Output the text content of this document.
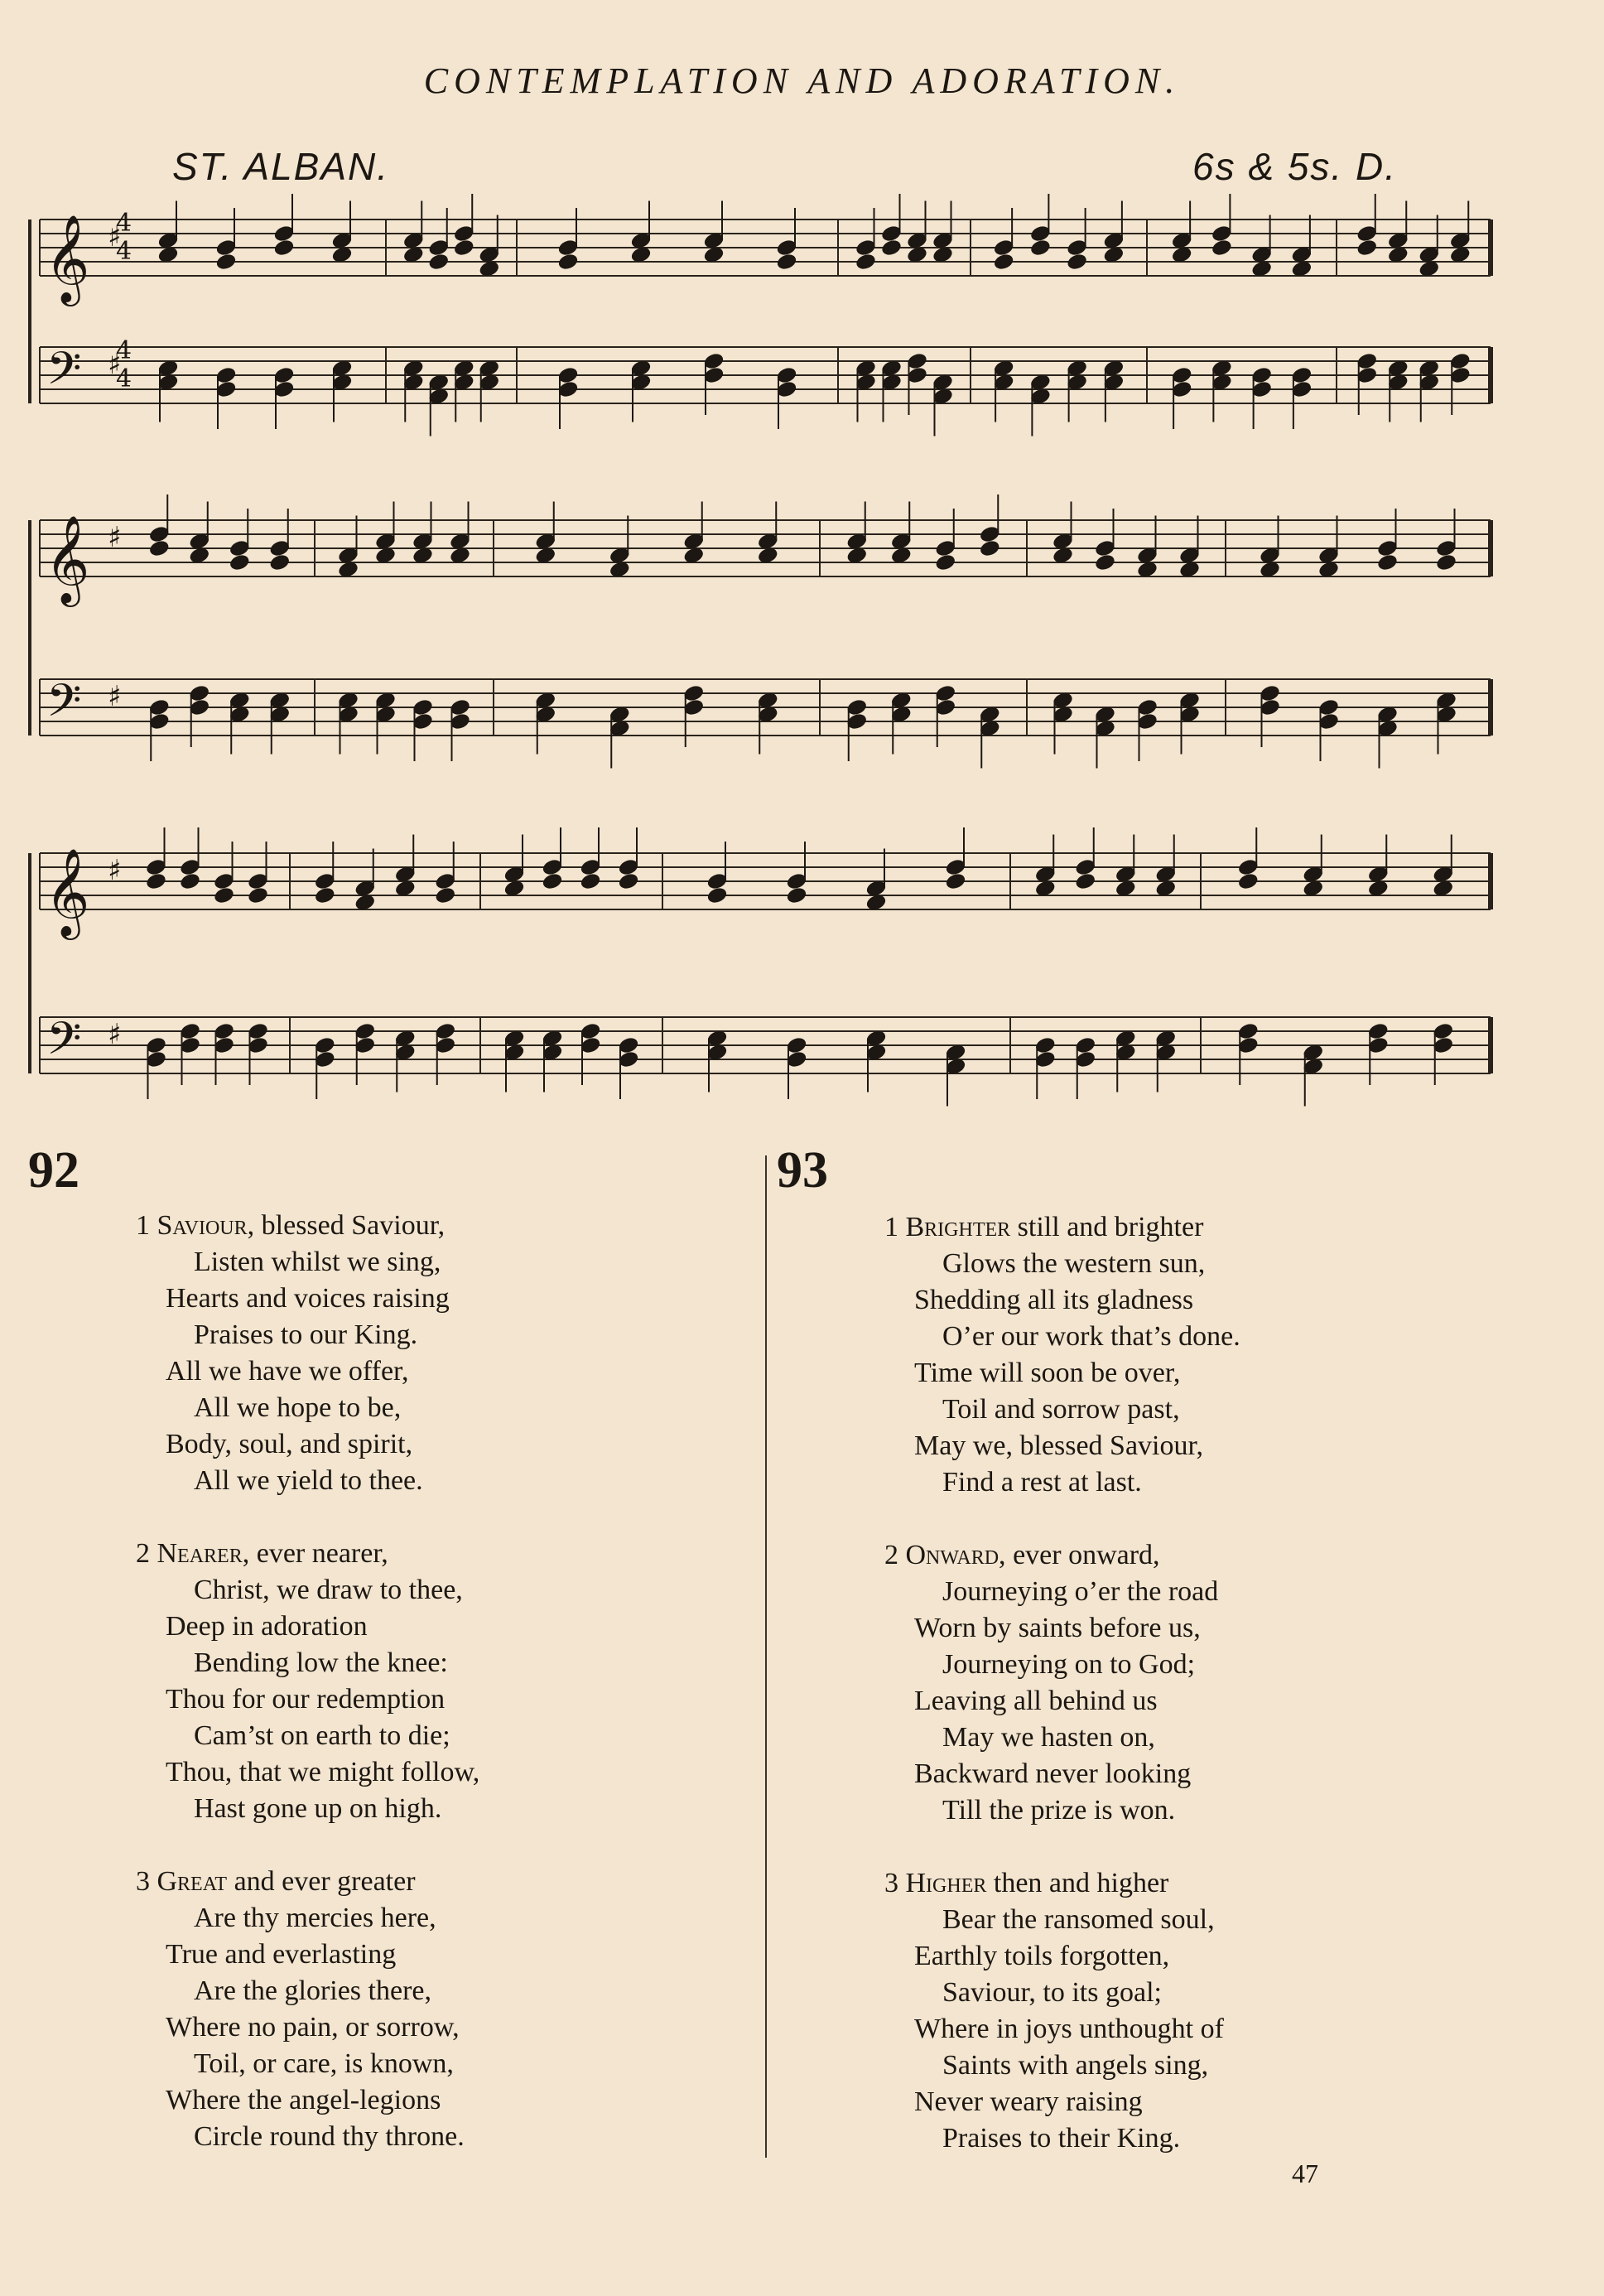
CONTEMPLATION AND ADORATION.
ST. ALBAN.	6s & 5s. D.
𝄞 ♯
𝄢 ♯
𝄞 ♯
𝄢 ♯
𝄞 ♯
𝄢 ♯
4
4
4
4
92	93
1 Saviour, blessed Saviour,
Listen whilst we sing,
Hearts and voices raising
Praises to our King.
All we have we offer,
All we hope to be,
Body, soul, and spirit,
All we yield to thee.
2 Nearer, ever nearer,
Christ, we draw to thee,
Deep in adoration
Bending low the knee:
Thou for our redemption
Cam’st on earth to die;
Thou, that we might follow,
Hast gone up on high.
3 Great and ever greater
Are thy mercies here,
True and everlasting
Are the glories there,
Where no pain, or sorrow,
Toil, or care, is known,
Where the angel-legions
Circle round thy throne.
1 Brighter still and brighter
Glows the western sun,
Shedding all its gladness
O’er our work that’s done.
Time will soon be over,
Toil and sorrow past,
May we, blessed Saviour,
Find a rest at last.
2 Onward, ever onward,
Journeying o’er the road
Worn by saints before us,
Journeying on to God;
Leaving all behind us
May we hasten on,
Backward never looking
Till the prize is won.
3 Higher then and higher
Bear the ransomed soul,
Earthly toils forgotten,
Saviour, to its goal;
Where in joys unthought of
Saints with angels sing,
Never weary raising
Praises to their King.
47
